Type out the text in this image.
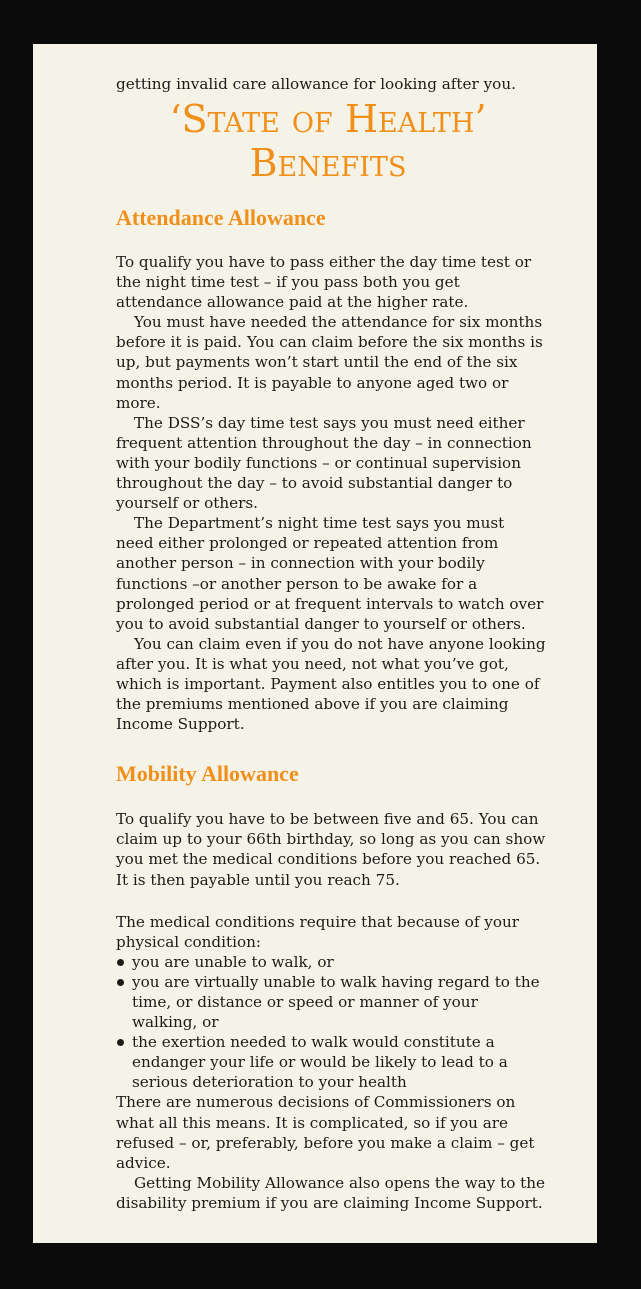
getting invalid care allowance for looking after you.

‘State of Health’
Benefits
Attendance Allowance

To qualify you have to pass either the day time test or the night time test – if you pass both you get attendance allowance paid at the higher rate.

You must have needed the attendance for six months before it is paid. You can claim before the six months is up, but payments won’t start until the end of the six months period. It is payable to anyone aged two or more.

The DSS’s day time test says you must need either frequent attention throughout the day – in connection with your bodily functions – or continual supervision throughout the day – to avoid substantial danger to yourself or others.

The Department’s night time test says you must need either prolonged or repeated attention from another person – in connection with your bodily functions –or another person to be awake for a prolonged period or at frequent intervals to watch over you to avoid substantial danger to yourself or others.

You can claim even if you do not have anyone looking after you. It is what you need, not what you’ve got, which is important. Payment also entitles you to one of the premiums mentioned above if you are claiming Income Support.

Mobility Allowance

To qualify you have to be between five and 65. You can claim up to your 66th birthday, so long as you can show you met the medical conditions before you reached 65. It is then payable until you reach 75.

The medical conditions require that because of your physical condition:

you are unable to walk, or
you are virtually unable to walk having regard to the time, or distance or speed or manner of your walking, or
the exertion needed to walk would constitute a endanger your life or would be likely to lead to a serious deterioration to your health

There are numerous decisions of Commissioners on what all this means. It is complicated, so if you are refused – or, preferably, before you make a claim – get advice.

Getting Mobility Allowance also opens the way to the disability premium if you are claiming Income Support.
